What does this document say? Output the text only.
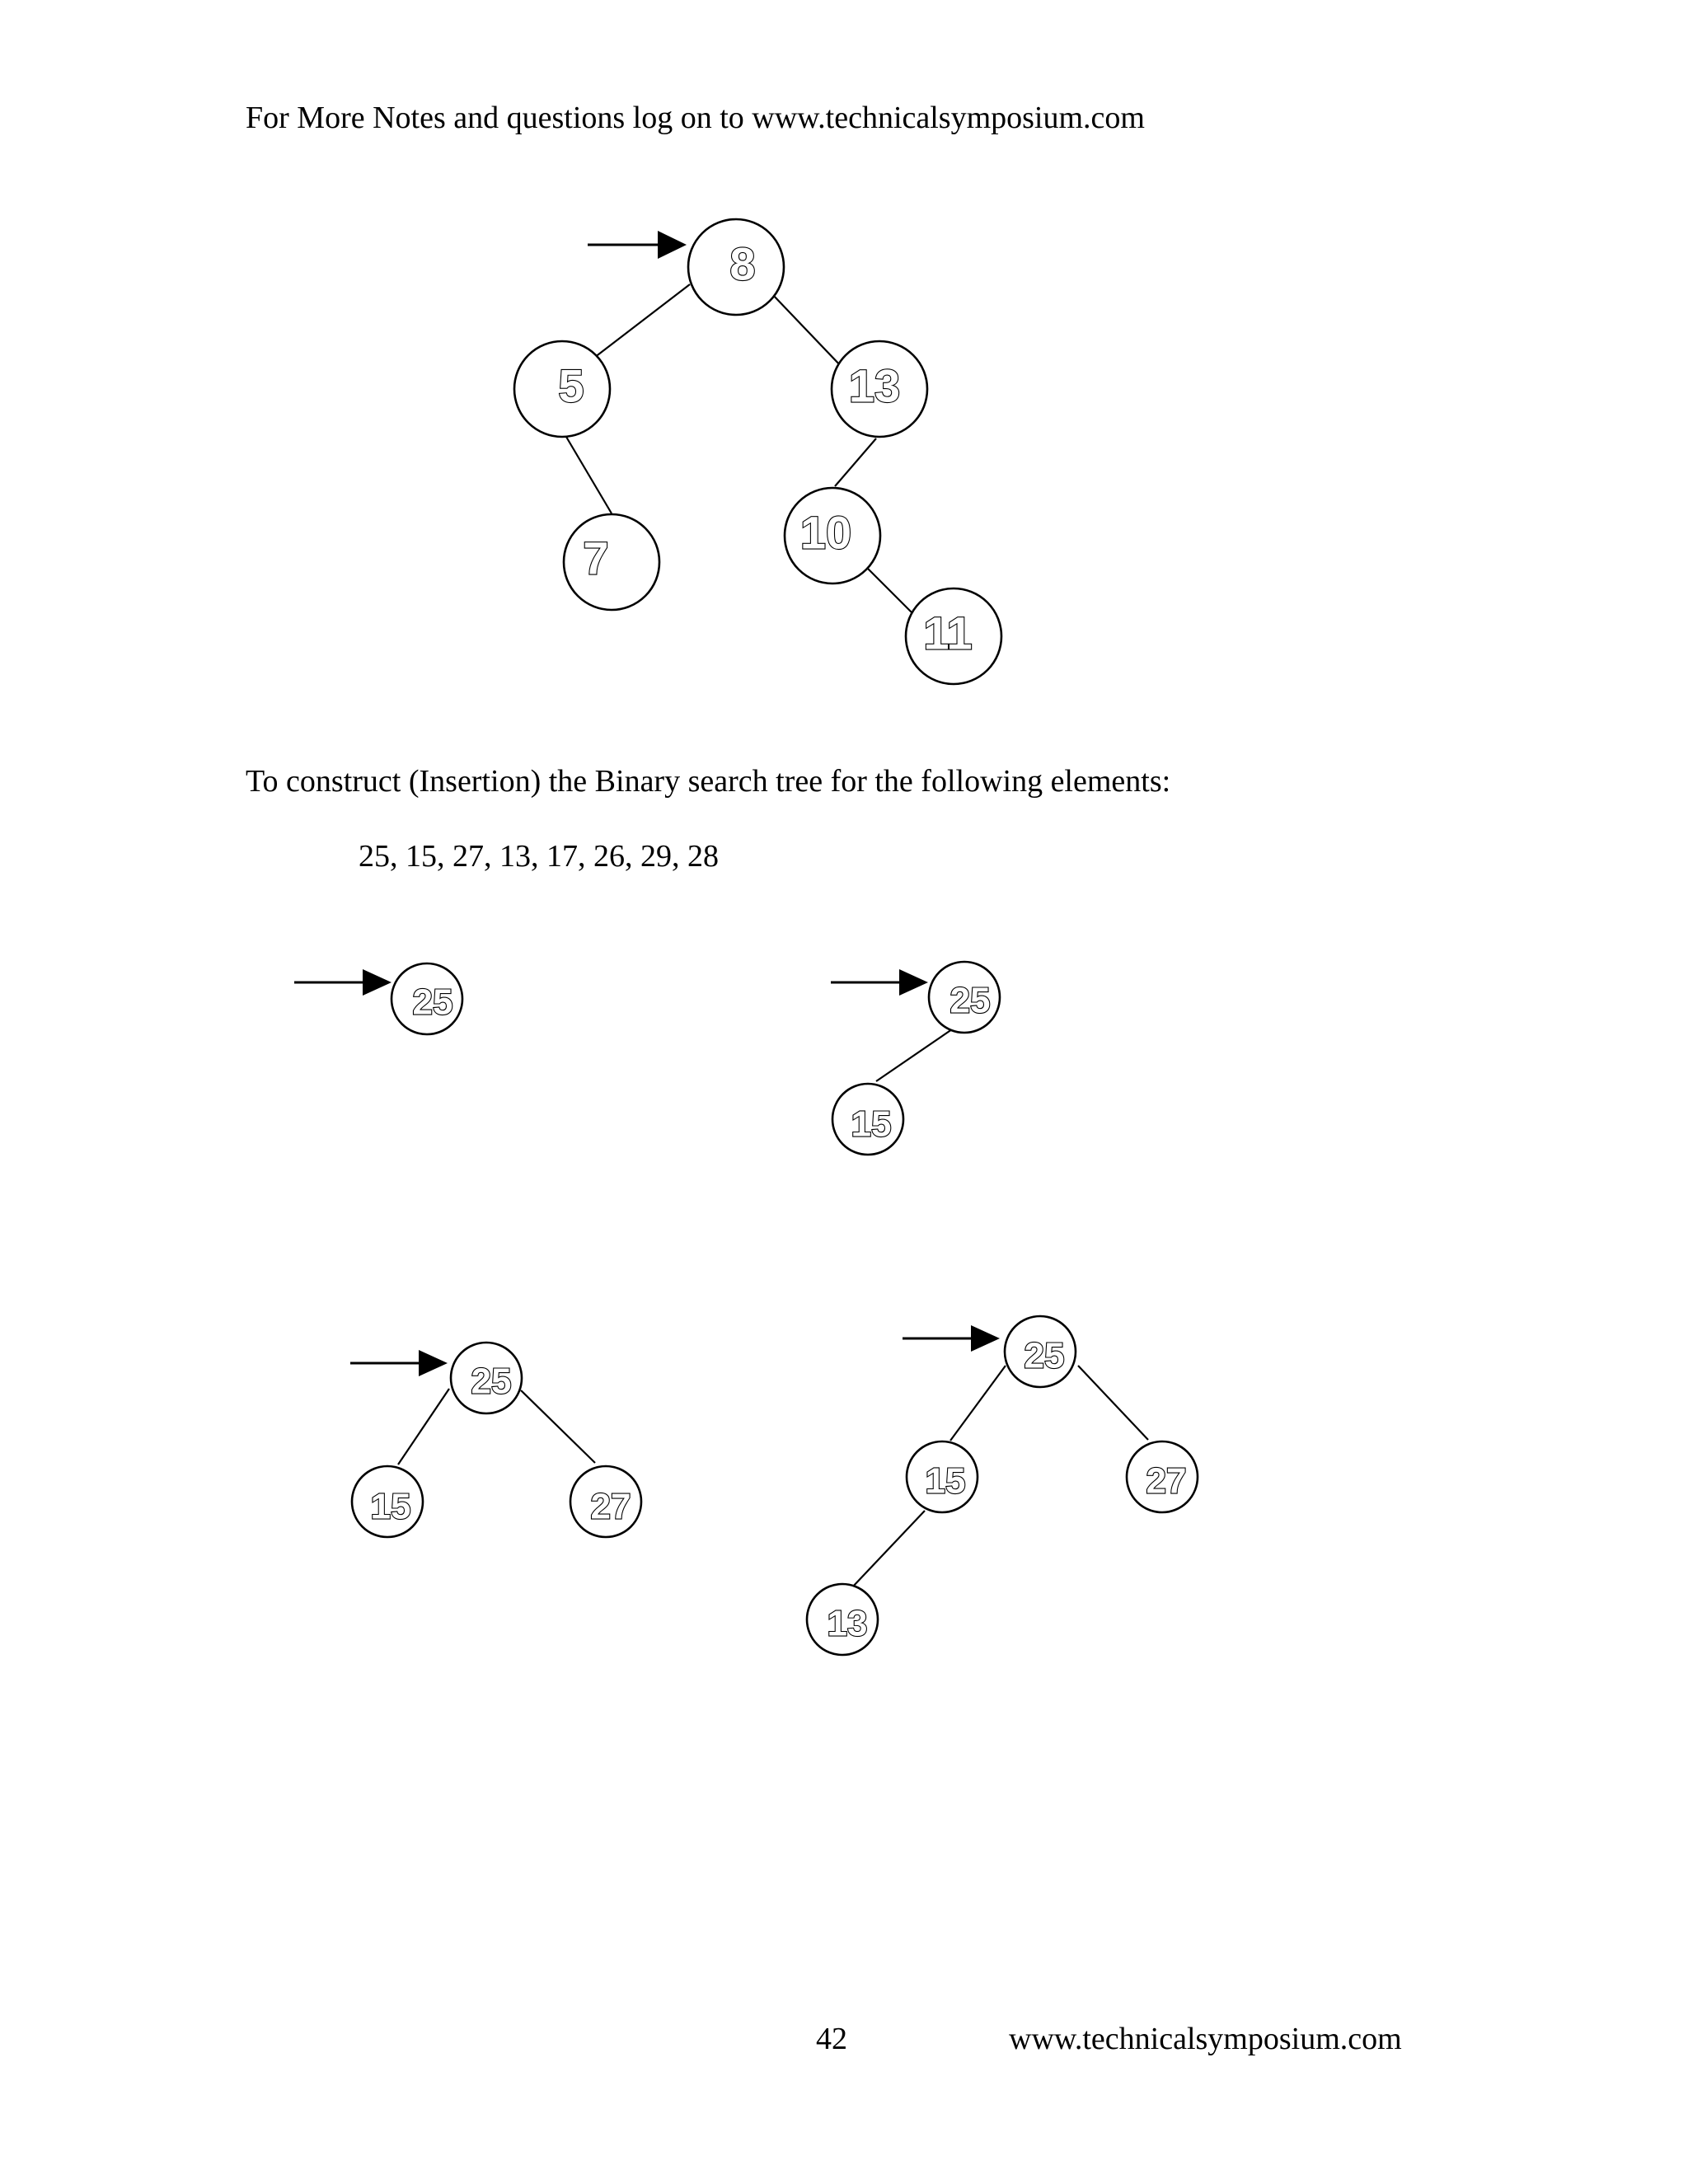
For More Notes and questions log on to www.technicalsymposium.com
8
5	13
7	10
11
25	25
15
25
15	27
25
15	27
13
To construct (Insertion) the Binary search tree for the following elements:
25, 15, 27, 13, 17, 26, 29, 28
42	www.technicalsymposium.com
